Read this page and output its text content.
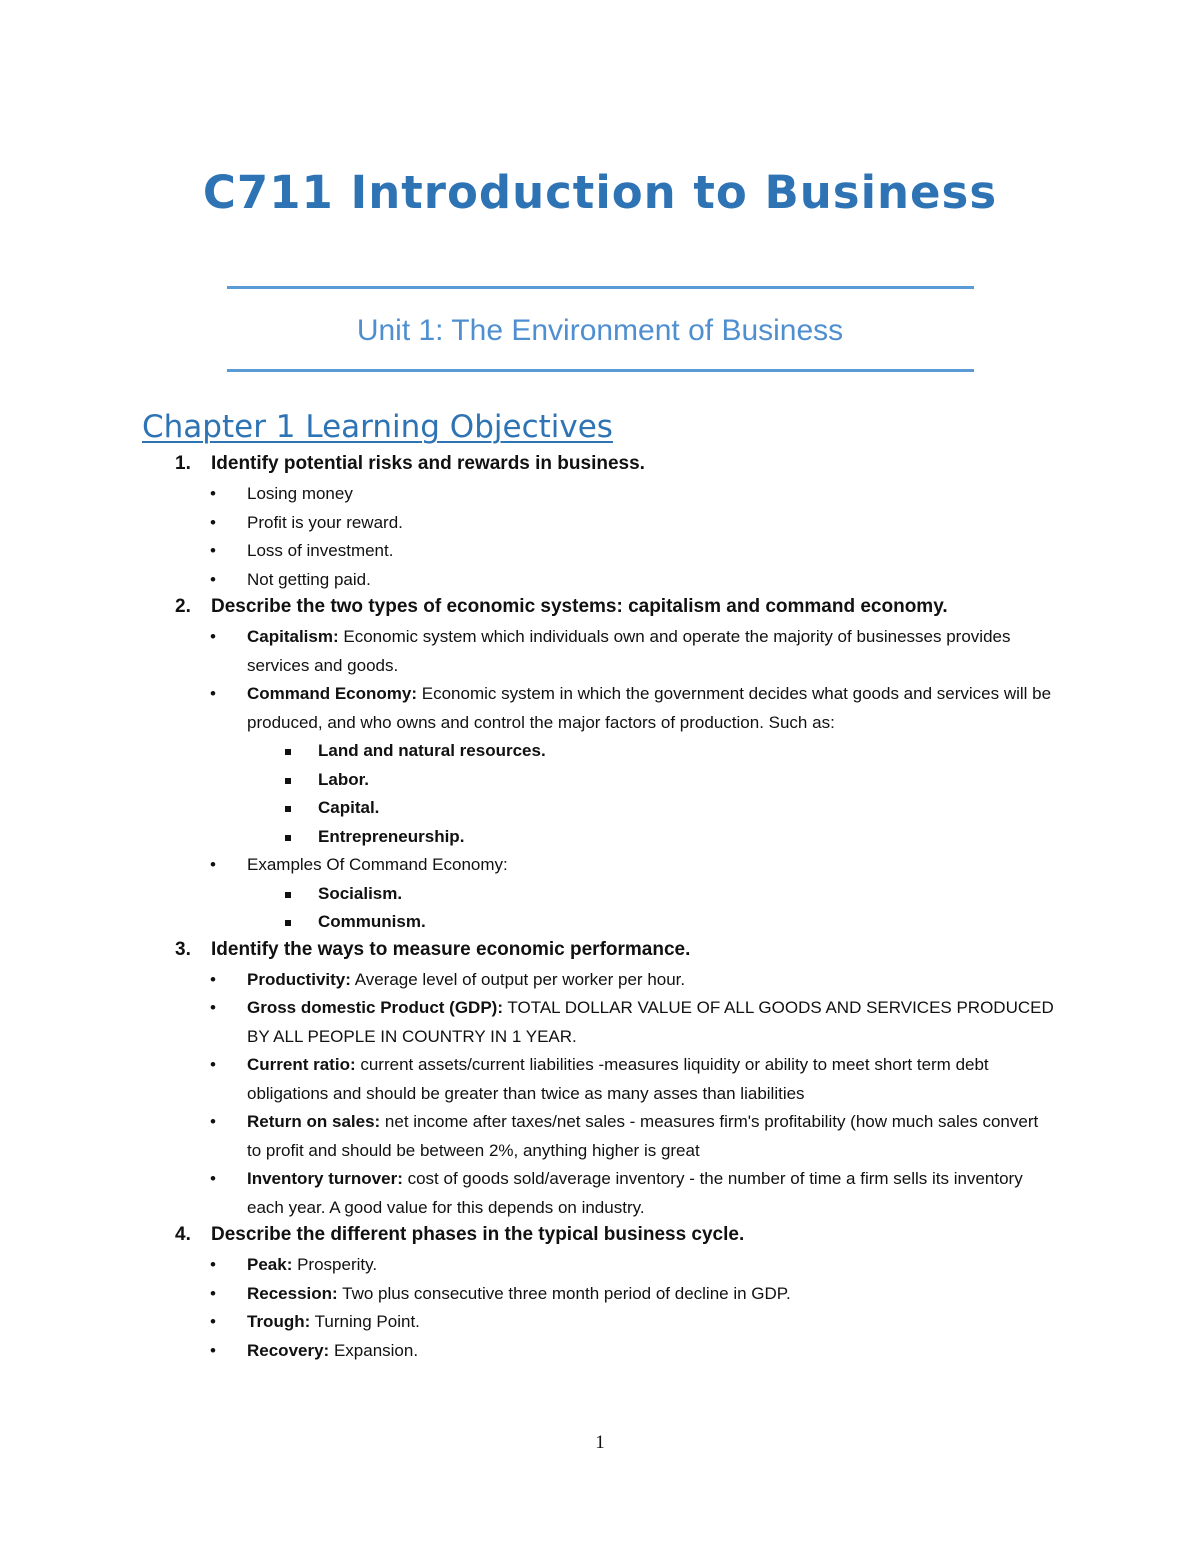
C711 Introduction to Business
Unit 1: The Environment of Business
Chapter 1 Learning Objectives
1. Identify potential risks and rewards in business.
• Losing money
• Profit is your reward.
• Loss of investment.
• Not getting paid.
2. Describe the two types of economic systems: capitalism and command economy.
• Capitalism: Economic system which individuals own and operate the majority of businesses provides services and goods.
• Command Economy: Economic system in which the government decides what goods and services will be produced, and who owns and control the major factors of production. Such as:
Land and natural resources.
Labor.
Capital.
Entrepreneurship.
• Examples Of Command Economy:
Socialism.
Communism.
3. Identify the ways to measure economic performance.
• Productivity: Average level of output per worker per hour.
• Gross domestic Product (GDP): TOTAL DOLLAR VALUE OF ALL GOODS AND SERVICES PRODUCED BY ALL PEOPLE IN COUNTRY IN 1 YEAR.
• Current ratio: current assets/current liabilities -measures liquidity or ability to meet short term debt obligations and should be greater than twice as many asses than liabilities
• Return on sales: net income after taxes/net sales - measures firm's profitability (how much sales convert to profit and should be between 2%, anything higher is great
• Inventory turnover: cost of goods sold/average inventory - the number of time a firm sells its inventory each year. A good value for this depends on industry.
4. Describe the different phases in the typical business cycle.
• Peak: Prosperity.
• Recession: Two plus consecutive three month period of decline in GDP.
• Trough: Turning Point.
• Recovery: Expansion.
1
